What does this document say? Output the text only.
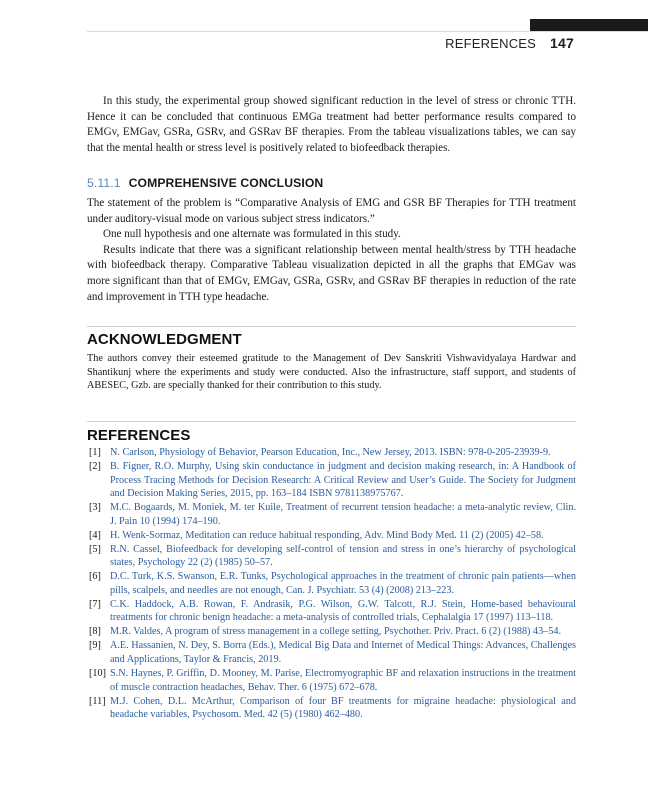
REFERENCES 147

In this study, the experimental group showed significant reduction in the level of stress or chronic TTH. Hence it can be concluded that continuous EMGa treatment had better performance results compared to EMGv, EMGav, GSRa, GSRv, and GSRav BF therapies. From the tableau visualizations tables, we can say that the mental health or stress level is positively related to biofeedback therapies.

5.11.1 COMPREHENSIVE CONCLUSION

The statement of the problem is “Comparative Analysis of EMG and GSR BF Therapies for TTH treatment under auditory-visual mode on various subject stress indicators.”

One null hypothesis and one alternate was formulated in this study.

Results indicate that there was a significant relationship between mental health/stress by TTH headache with biofeedback therapy. Comparative Tableau visualization depicted in all the graphs that EMGav was more significant than that of EMGv, EMGav, GSRa, GSRv, and GSRav BF therapies in reduction of the rate and improvement in TTH type headache.

ACKNOWLEDGMENT

The authors convey their esteemed gratitude to the Management of Dev Sanskriti Vishwavidyalaya Hardwar and Shantikunj where the experiments and study were conducted. Also the infrastructure, staff support, and students of ABESEC, Gzb. are specially thanked for their contribution to this study.

REFERENCES
[1] N. Carlson, Physiology of Behavior, Pearson Education, Inc., New Jersey, 2013. ISBN: 978-0-205-23939-9.
[2] B. Figner, R.O. Murphy, Using skin conductance in judgment and decision making research, in: A Handbook of Process Tracing Methods for Decision Research: A Critical Review and User’s Guide. The Society for Judgment and Decision Making Series, 2015, pp. 163–184 ISBN 9781138975767.
[3] M.C. Bogaards, M. Moniek, M. ter Kuile, Treatment of recurrent tension headache: a meta-analytic review, Clin. J. Pain 10 (1994) 174–190.
[4] H. Wenk-Sormaz, Meditation can reduce habitual responding, Adv. Mind Body Med. 11 (2) (2005) 42–58.
[5] R.N. Cassel, Biofeedback for developing self-control of tension and stress in one’s hierarchy of psychological states, Psychology 22 (2) (1985) 50–57.
[6] D.C. Turk, K.S. Swanson, E.R. Tunks, Psychological approaches in the treatment of chronic pain patients—when pills, scalpels, and needles are not enough, Can. J. Psychiatr. 53 (4) (2008) 213–223.
[7] C.K. Haddock, A.B. Rowan, F. Andrasik, P.G. Wilson, G.W. Talcott, R.J. Stein, Home-based behavioural treatments for chronic benign headache: a meta-analysis of controlled trials, Cephalalgia 17 (1997) 113–118.
[8] M.R. Valdes, A program of stress management in a college setting, Psychother. Priv. Pract. 6 (2) (1988) 43–54.
[9] A.E. Hassanien, N. Dey, S. Borra (Eds.), Medical Big Data and Internet of Medical Things: Advances, Challenges and Applications, Taylor & Francis, 2019.
[10] S.N. Haynes, P. Griffin, D. Mooney, M. Parise, Electromyographic BF and relaxation instructions in the treatment of muscle contraction headaches, Behav. Ther. 6 (1975) 672–678.
[11] M.J. Cohen, D.L. McArthur, Comparison of four BF treatments for migraine headache: physiological and headache variables, Psychosom. Med. 42 (5) (1980) 462–480.
